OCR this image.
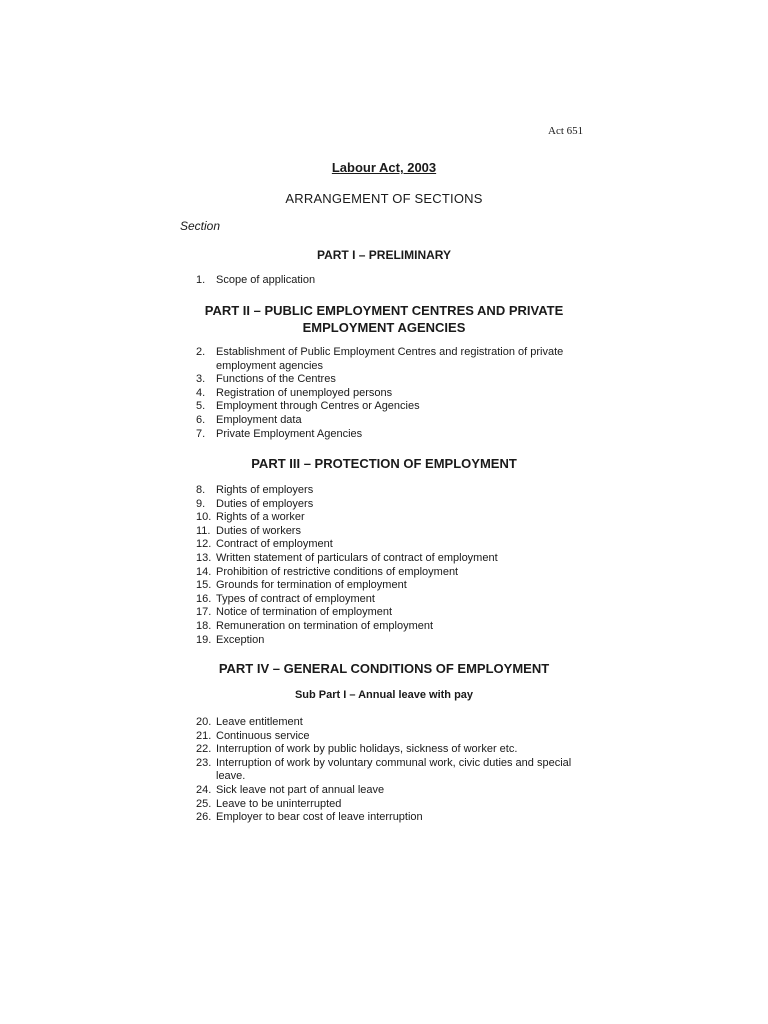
Act 651
Labour Act, 2003
ARRANGEMENT OF SECTIONS
Section
PART I – PRELIMINARY
1. Scope of application
PART II – PUBLIC EMPLOYMENT CENTRES AND PRIVATE EMPLOYMENT AGENCIES
2. Establishment of Public Employment Centres and registration of private employment agencies
3. Functions of the Centres
4. Registration of unemployed persons
5. Employment through Centres or Agencies
6. Employment data
7. Private Employment Agencies
PART III – PROTECTION OF EMPLOYMENT
8. Rights of employers
9. Duties of employers
10. Rights of a worker
11. Duties of workers
12. Contract of employment
13. Written statement of particulars of contract of employment
14. Prohibition of restrictive conditions of employment
15. Grounds for termination of employment
16. Types of contract of employment
17. Notice of termination of employment
18. Remuneration on termination of employment
19. Exception
PART IV – GENERAL CONDITIONS OF EMPLOYMENT
Sub Part I – Annual leave with pay
20. Leave entitlement
21. Continuous service
22. Interruption of work by public holidays, sickness of worker etc.
23. Interruption of work by voluntary communal work, civic duties and special leave.
24. Sick leave not part of annual leave
25. Leave to be uninterrupted
26. Employer to bear cost of leave interruption
